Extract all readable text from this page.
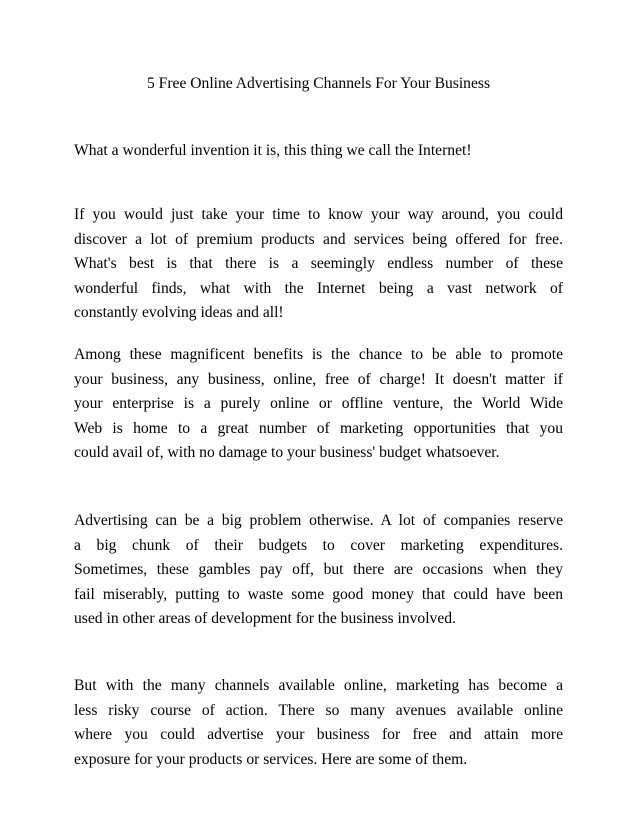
5 Free Online Advertising Channels For Your Business
What a wonderful invention it is, this thing we call the Internet!
If you would just take your time to know your way around, you could
discover a lot of premium products and services being offered for free.
What's best is that there is a seemingly endless number of these
wonderful finds, what with the Internet being a vast network of
constantly evolving ideas and all!
Among these magnificent benefits is the chance to be able to promote
your business, any business, online, free of charge! It doesn't matter if
your enterprise is a purely online or offline venture, the World Wide
Web is home to a great number of marketing opportunities that you
could avail of, with no damage to your business' budget whatsoever.
Advertising can be a big problem otherwise. A lot of companies reserve
a big chunk of their budgets to cover marketing expenditures.
Sometimes, these gambles pay off, but there are occasions when they
fail miserably, putting to waste some good money that could have been
used in other areas of development for the business involved.
But with the many channels available online, marketing has become a
less risky course of action. There so many avenues available online
where you could advertise your business for free and attain more
exposure for your products or services. Here are some of them.
